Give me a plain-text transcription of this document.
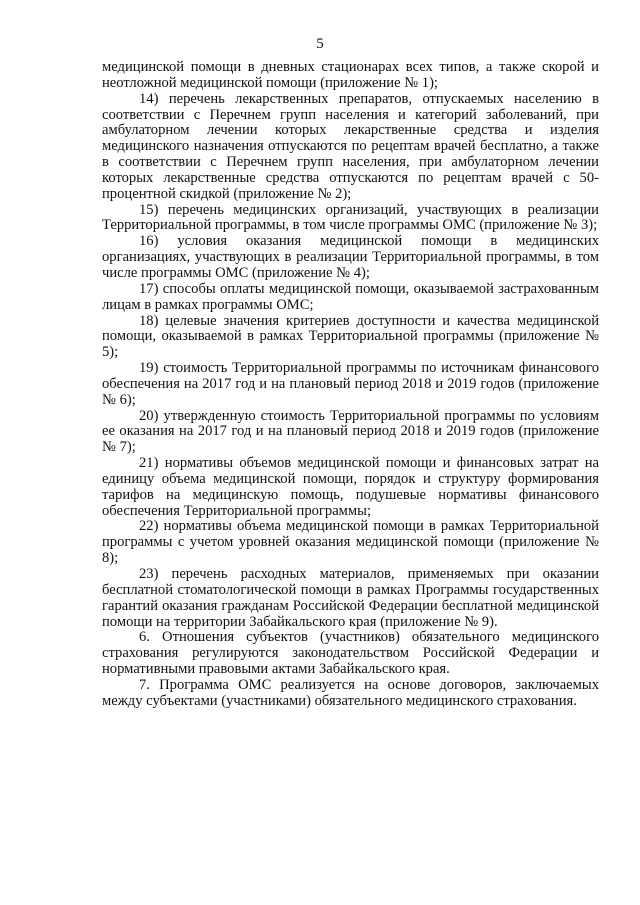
5

медицинской помощи в дневных стационарах всех типов, а также скорой и неотложной медицинской помощи (приложение № 1);

14) перечень лекарственных препаратов, отпускаемых населению в соответствии с Перечнем групп населения и категорий заболеваний, при амбулаторном лечении которых лекарственные средства и изделия медицинского назначения отпускаются по рецептам врачей бесплатно, а также в соответствии с Перечнем групп населения, при амбулаторном лечении которых лекарственные средства отпускаются по рецептам врачей с 50-процентной скидкой (приложение № 2);

15) перечень медицинских организаций, участвующих в реализации Территориальной программы, в том числе программы ОМС (приложение № 3);

16) условия оказания медицинской помощи в медицинских организациях, участвующих в реализации Территориальной программы, в том числе программы ОМС (приложение № 4);

17) способы оплаты медицинской помощи, оказываемой застрахованным лицам в рамках программы ОМС;

18) целевые значения критериев доступности и качества медицинской помощи, оказываемой в рамках Территориальной программы (приложение № 5);

19) стоимость Территориальной программы по источникам финансового обеспечения на 2017 год и на плановый период 2018 и 2019 годов (приложение № 6);

20) утвержденную стоимость Территориальной программы по условиям ее оказания на 2017 год и на плановый период 2018 и 2019 годов (приложение № 7);

21) нормативы объемов медицинской помощи и финансовых затрат на единицу объема медицинской помощи, порядок и структуру формирования тарифов на медицинскую помощь, подушевые нормативы финансового обеспечения Территориальной программы;

22) нормативы объема медицинской помощи в рамках Территориальной программы с учетом уровней оказания медицинской помощи (приложение № 8);

23) перечень расходных материалов, применяемых при оказании бесплатной стоматологической помощи в рамках Программы государственных гарантий оказания гражданам Российской Федерации бесплатной медицинской помощи на территории Забайкальского края (приложение № 9).

6. Отношения субъектов (участников) обязательного медицинского страхования регулируются законодательством Российской Федерации и нормативными правовыми актами Забайкальского края.

7. Программа ОМС реализуется на основе договоров, заключаемых между субъектами (участниками) обязательного медицинского страхования.
